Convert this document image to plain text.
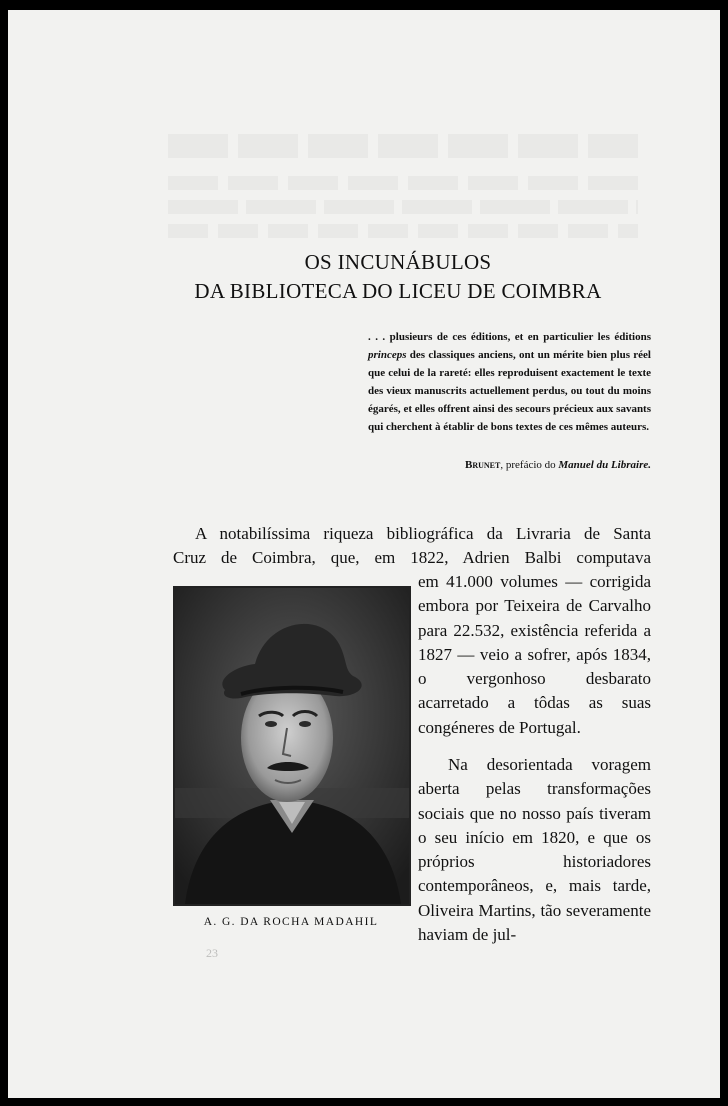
OS INCUNÁBULOS
DA BIBLIOTECA DO LICEU DE COIMBRA
. . . plusieurs de ces éditions, et en particulier les éditions princeps des classiques anciens, ont un mérite bien plus réel que celui de la rareté: elles reproduisent exactement le texte des vieux manuscrits actuellement perdus, ou tout du moins égarés, et elles offrent ainsi des secours précieux aux savants qui cherchent à établir de bons textes de ces mêmes auteurs.
Brunet, prefácio do Manuel du Libraire.
A notabilíssima riqueza bibliográfica da Livraria de Santa
Cruz de Coimbra, que, em 1822, Adrien Balbi computava
em 41.000 volumes — corrigida embora por Teixeira de Carvalho para 22.532, existência referida a 1827 — veio a sofrer, após 1834, o vergonhoso desbarato acarretado a tôdas as suas congéneres de Portugal.
Na desorientada voragem aberta pelas transformações sociais que no nosso país tiveram o seu início em 1820, e que os próprios historiadores contemporâneos, e, mais tarde, Oliveira Martins, tão severamente haviam de jul-
A. G. DA ROCHA MADAHIL
23
